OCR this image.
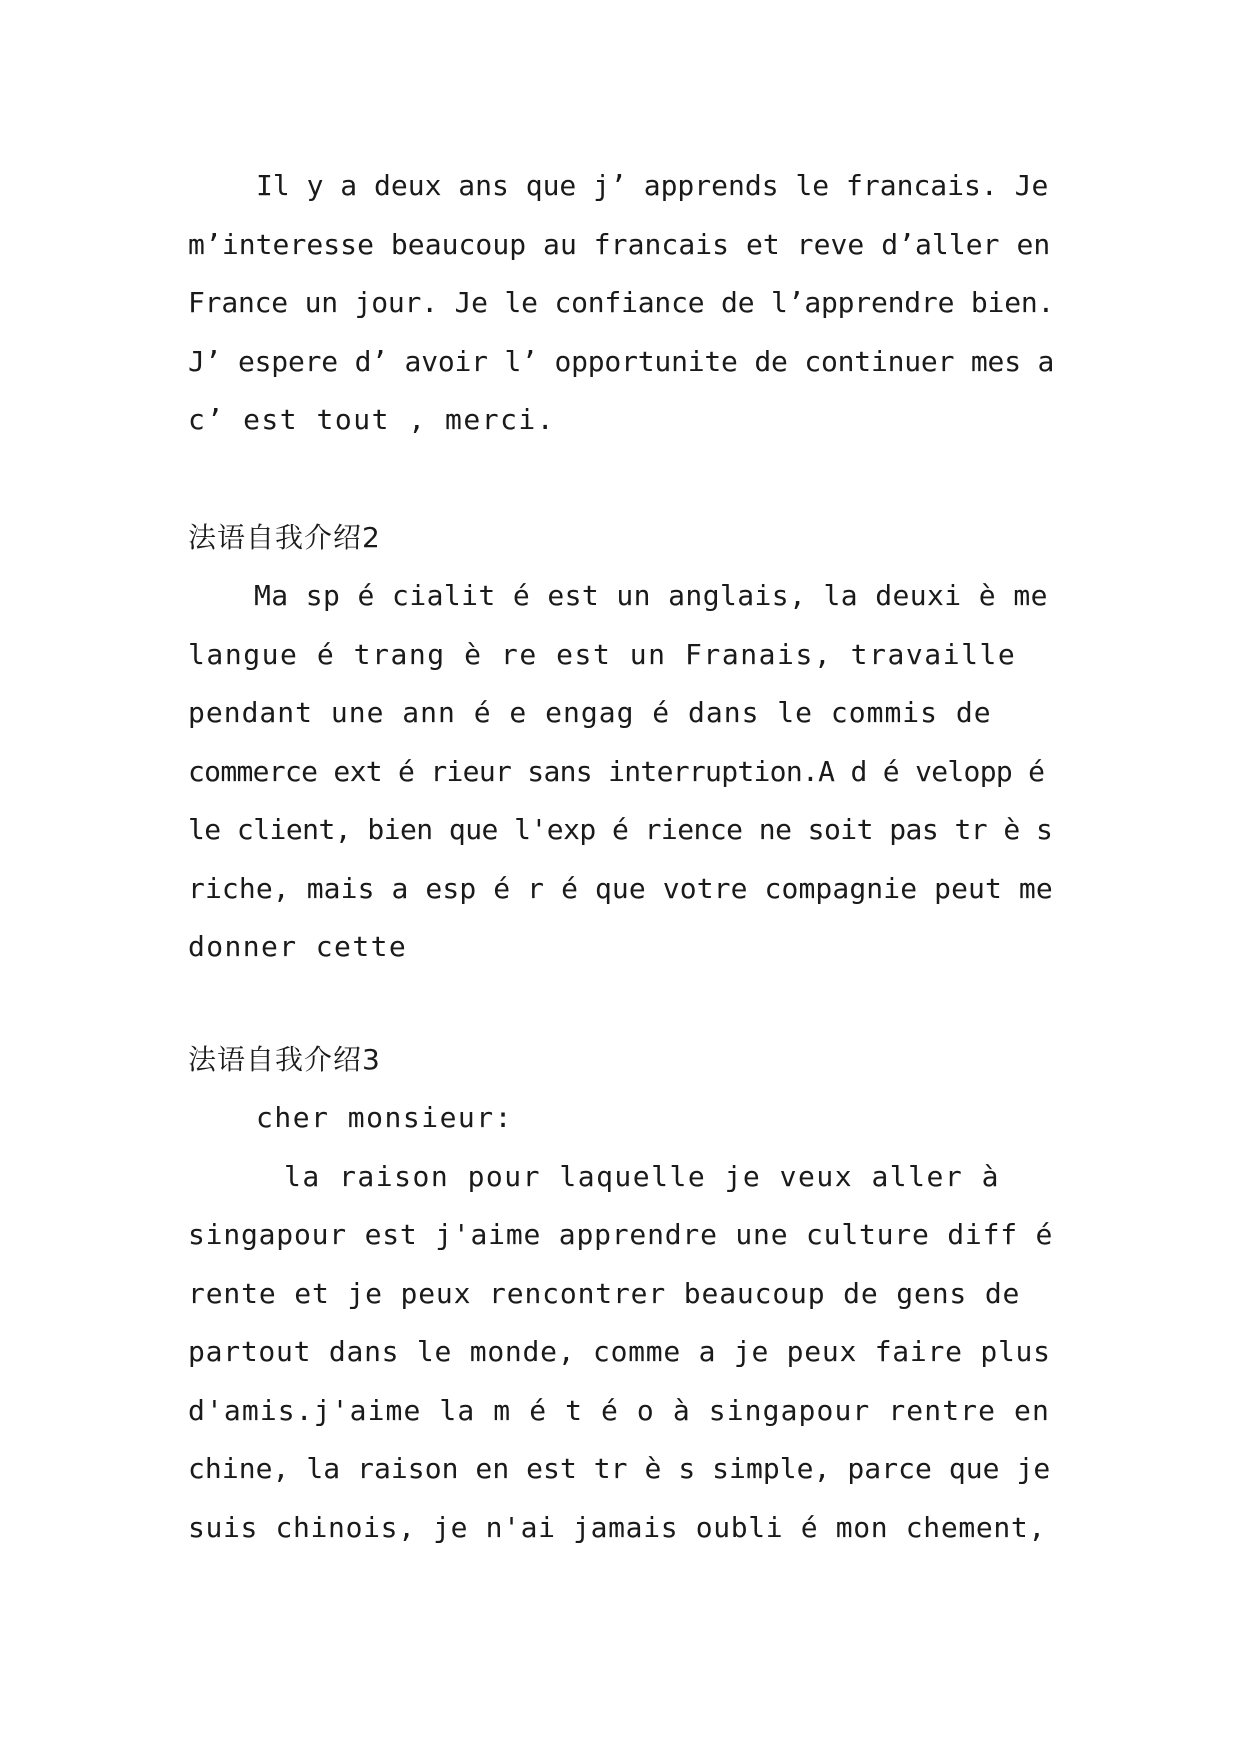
Il y a deux ans que j’ apprends le francais. Je
m’interesse beaucoup au francais et reve d’aller en
France un jour. Je le confiance de l’apprendre bien.
J’ espere d’ avoir l’ opportunite de continuer mes a
c’ est tout , merci.
法语自我介绍2
Ma sp é cialit é est un anglais, la deuxi è me
langue é trang è re est un Franais, travaille
pendant une ann é e engag é dans le commis de
commerce ext é rieur sans interruption.A d é velopp é
le client, bien que l'exp é rience ne soit pas tr è s
riche, mais a esp é r é que votre compagnie peut me
donner cette
法语自我介绍3
cher monsieur:
la raison pour laquelle je veux aller à
singapour est j'aime apprendre une culture diff é
rente et je peux rencontrer beaucoup de gens de
partout dans le monde, comme a je peux faire plus
d'amis.j'aime la m é t é o à singapour rentre en
chine, la raison en est tr è s simple, parce que je
suis chinois, je n'ai jamais oubli é mon chement,
